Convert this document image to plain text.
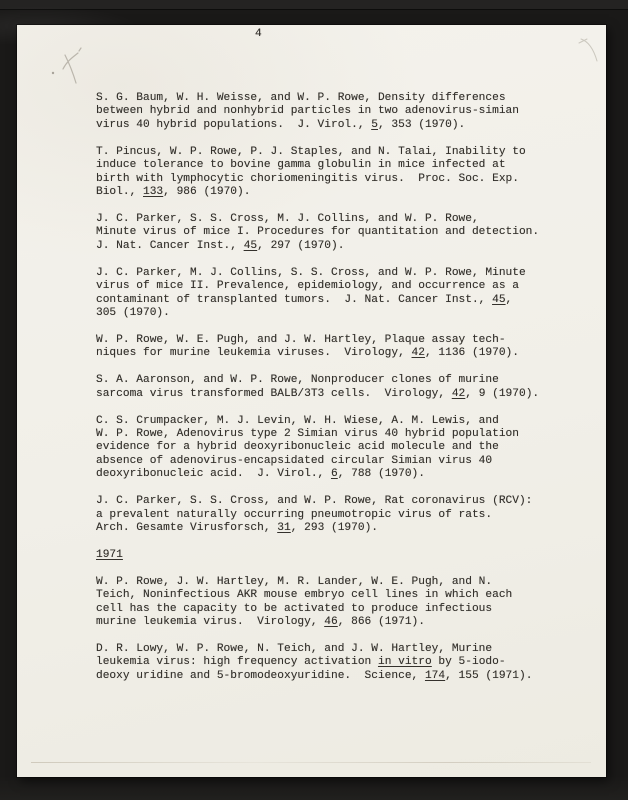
4
S. G. Baum, W. H. Weisse, and W. P. Rowe, Density differences
between hybrid and nonhybrid particles in two adenovirus-simian
virus 40 hybrid populations.  J. Virol., 5, 353 (1970).
T. Pincus, W. P. Rowe, P. J. Staples, and N. Talai, Inability to
induce tolerance to bovine gamma globulin in mice infected at
birth with lymphocytic choriomeningitis virus.  Proc. Soc. Exp.
Biol., 133, 986 (1970).
J. C. Parker, S. S. Cross, M. J. Collins, and W. P. Rowe,
Minute virus of mice I. Procedures for quantitation and detection.
J. Nat. Cancer Inst., 45, 297 (1970).
J. C. Parker, M. J. Collins, S. S. Cross, and W. P. Rowe, Minute
virus of mice II. Prevalence, epidemiology, and occurrence as a
contaminant of transplanted tumors.  J. Nat. Cancer Inst., 45,
305 (1970).
W. P. Rowe, W. E. Pugh, and J. W. Hartley, Plaque assay tech-
niques for murine leukemia viruses.  Virology, 42, 1136 (1970).
S. A. Aaronson, and W. P. Rowe, Nonproducer clones of murine
sarcoma virus transformed BALB/3T3 cells.  Virology, 42, 9 (1970).
C. S. Crumpacker, M. J. Levin, W. H. Wiese, A. M. Lewis, and
W. P. Rowe, Adenovirus type 2 Simian virus 40 hybrid population
evidence for a hybrid deoxyribonucleic acid molecule and the
absence of adenovirus-encapsidated circular Simian virus 40
deoxyribonucleic acid.  J. Virol., 6, 788 (1970).
J. C. Parker, S. S. Cross, and W. P. Rowe, Rat coronavirus (RCV):
a prevalent naturally occurring pneumotropic virus of rats.
Arch. Gesamte Virusforsch, 31, 293 (1970).
1971
W. P. Rowe, J. W. Hartley, M. R. Lander, W. E. Pugh, and N.
Teich, Noninfectious AKR mouse embryo cell lines in which each
cell has the capacity to be activated to produce infectious
murine leukemia virus.  Virology, 46, 866 (1971).
D. R. Lowy, W. P. Rowe, N. Teich, and J. W. Hartley, Murine
leukemia virus: high frequency activation in vitro by 5-iodo-
deoxy uridine and 5-bromodeoxyuridine.  Science, 174, 155 (1971).
